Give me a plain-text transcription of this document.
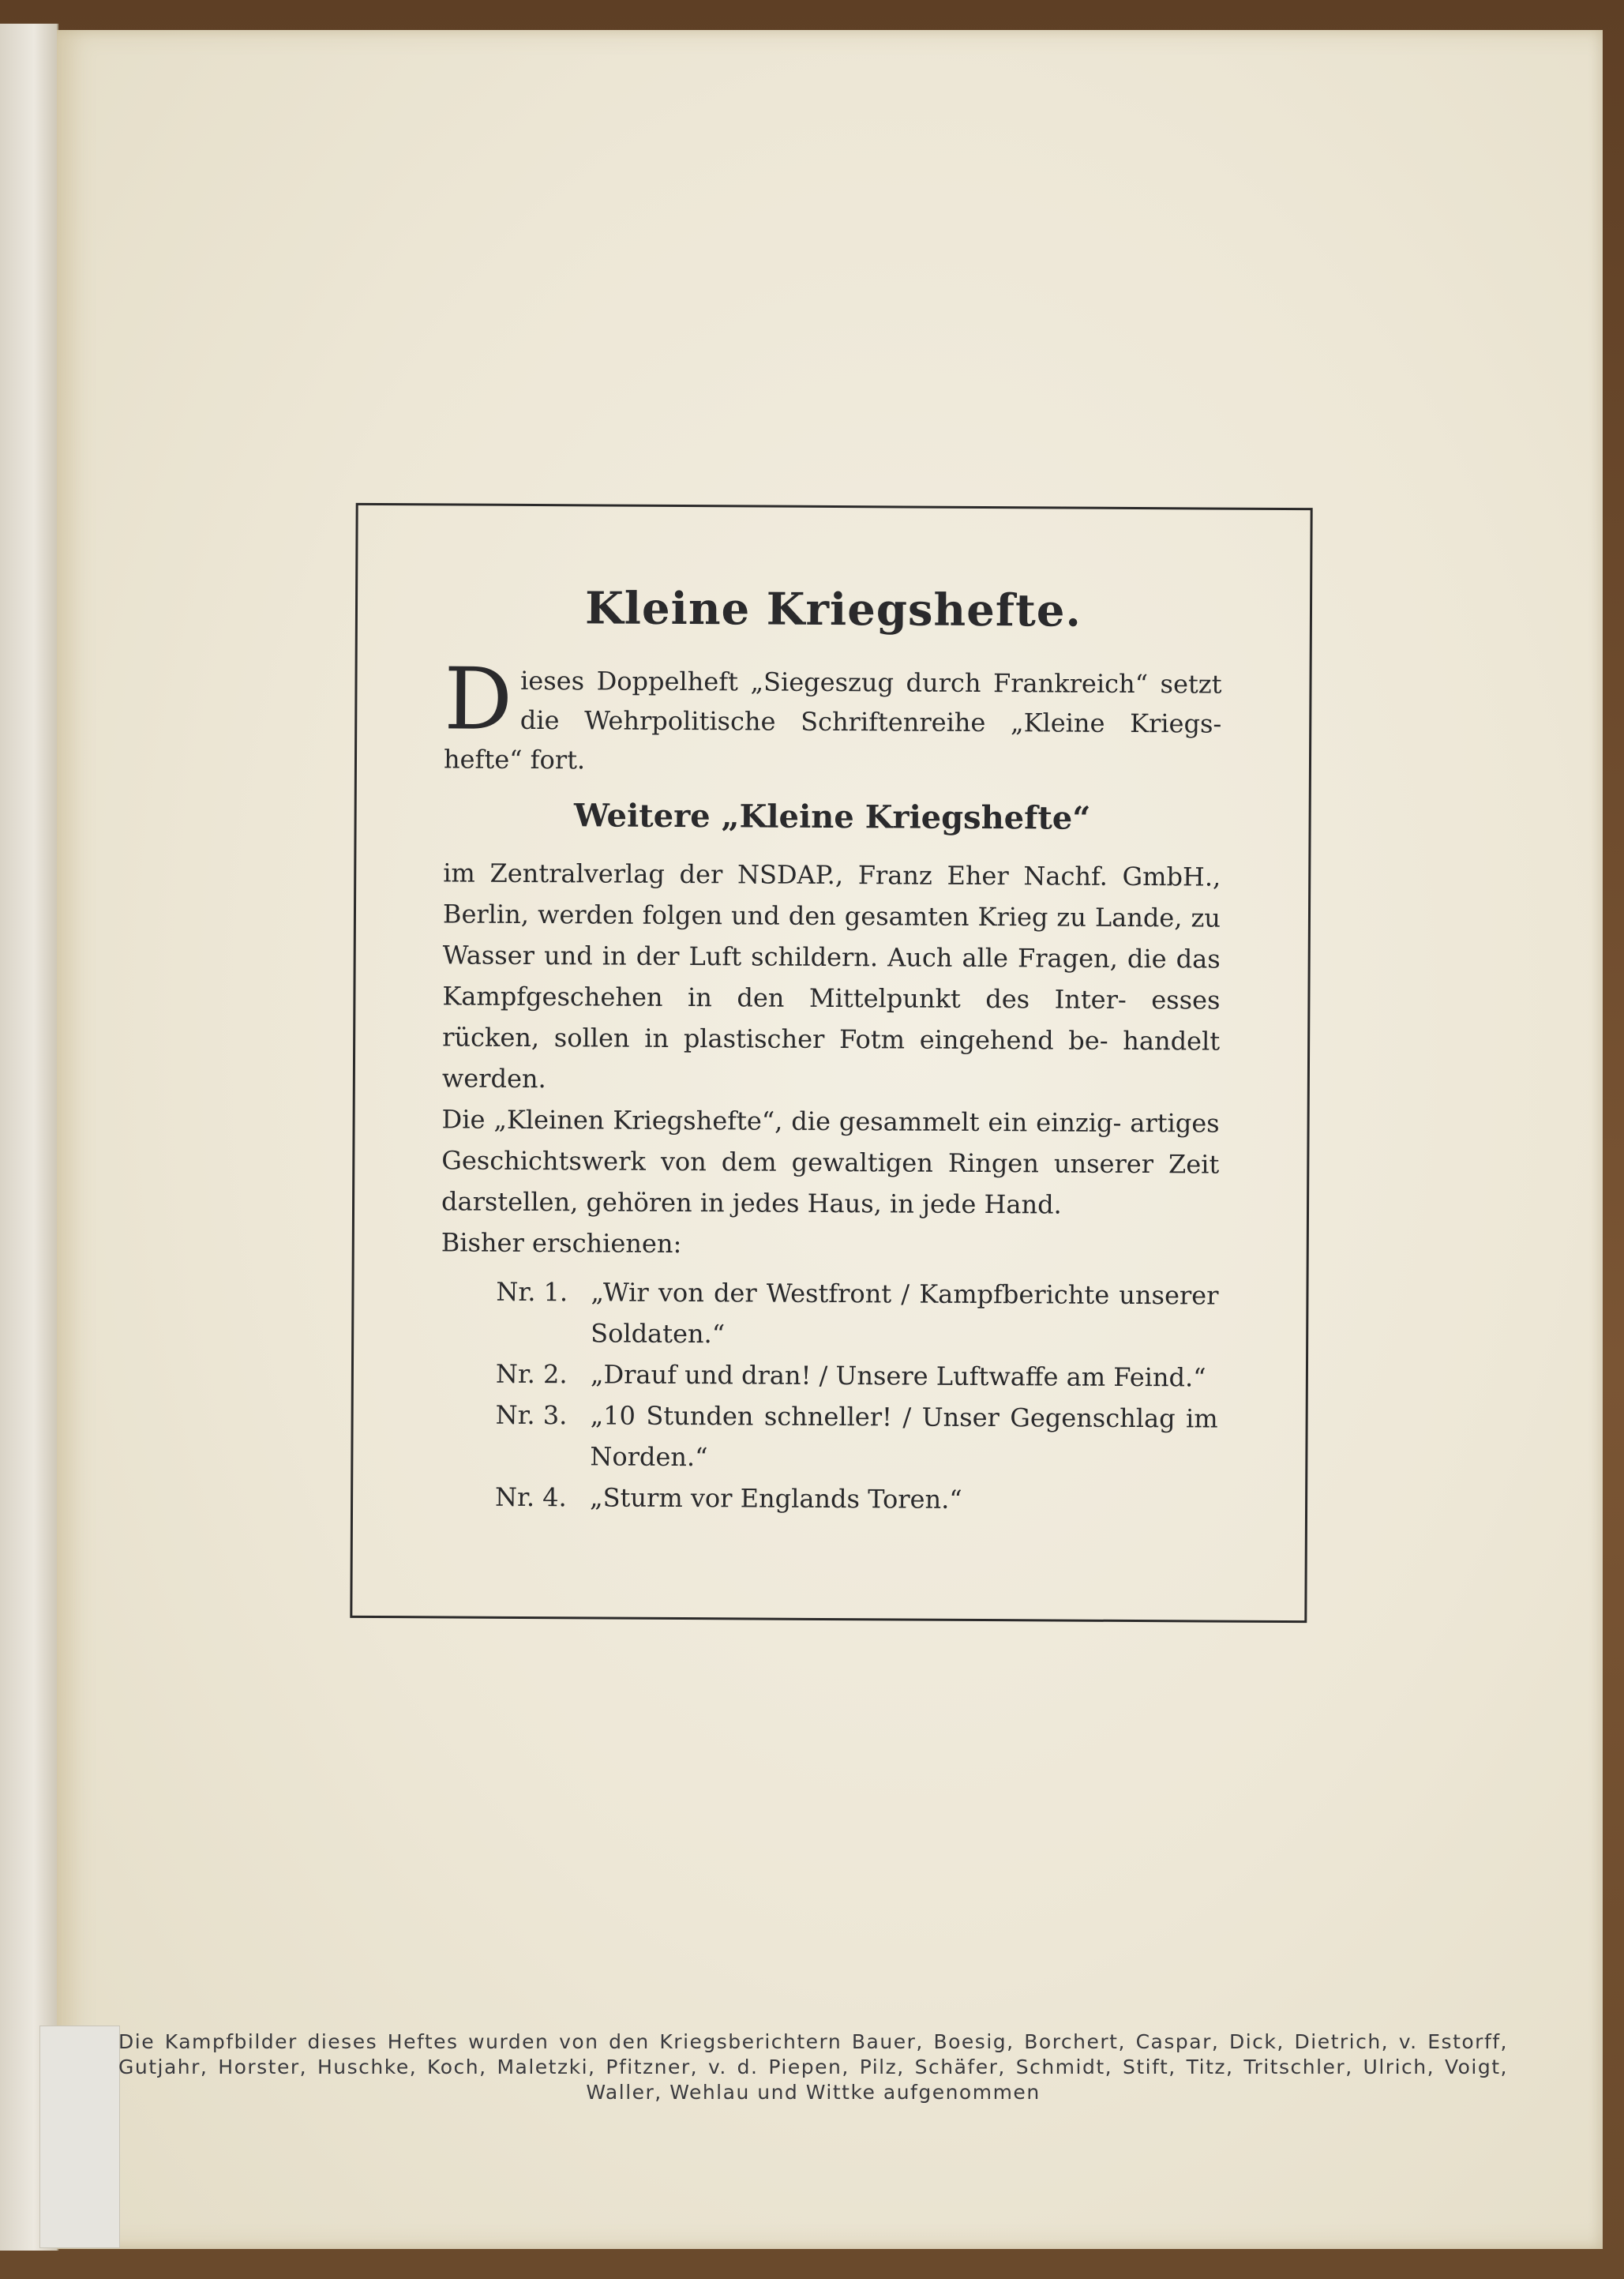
Kleine Kriegshefte.
Dieses Doppelheft „Siegeszug durch Frankreich“ setzt die Wehrpolitische Schriftenreihe „Kleine Kriegs- hefte“ fort.
Weitere „Kleine Kriegshefte“

im Zentralverlag der NSDAP., Franz Eher Nachf. GmbH., Berlin, werden folgen und den gesamten Krieg zu Lande, zu Wasser und in der Luft schildern. Auch alle Fragen, die das Kampfgeschehen in den Mittelpunkt des Inter- esses rücken, sollen in plastischer Fotm eingehend be- handelt werden.

Die „Kleinen Kriegshefte“, die gesammelt ein einzig- artiges Geschichtswerk von dem gewaltigen Ringen unserer Zeit darstellen, gehören in jedes Haus, in jede Hand.

Bisher erschienen:

Nr. 1. „Wir von der Westfront / Kampfberichte unserer Soldaten.“
Nr. 2. „Drauf und dran! / Unsere Luftwaffe am Feind.“
Nr. 3. „10 Stunden schneller! / Unser Gegenschlag im Norden.“
Nr. 4. „Sturm vor Englands Toren.“
Die Kampfbilder dieses Heftes wurden von den Kriegsberichtern Bauer, Boesig, Borchert, Caspar, Dick, Dietrich, v. Estorff, Gutjahr, Horster, Huschke, Koch, Maletzki, Pfitzner, v. d. Piepen, Pilz, Schäfer, Schmidt, Stift, Titz, Tritschler, Ulrich, Voigt, Waller, Wehlau und Wittke aufgenommen
